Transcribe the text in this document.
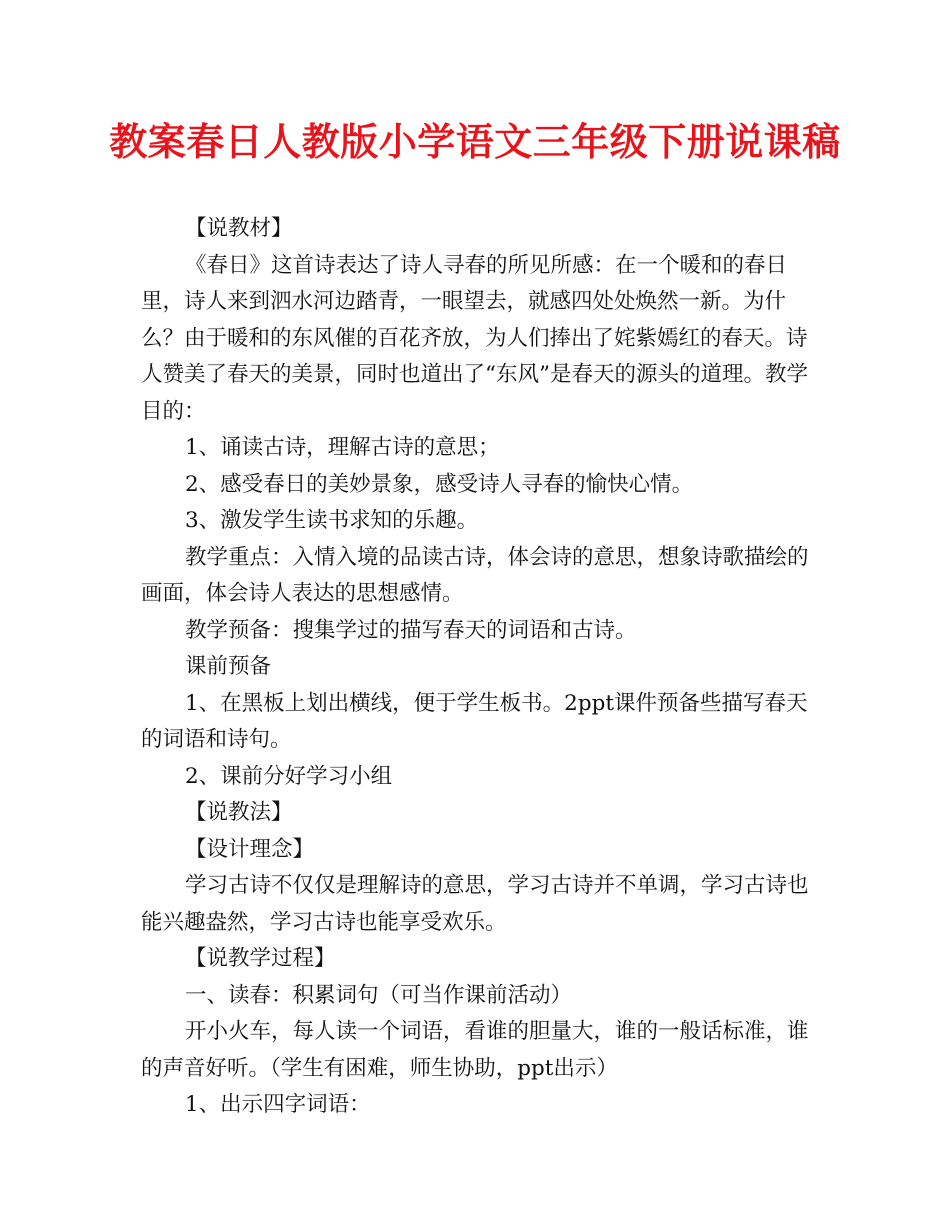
教案春日人教版小学语文三年级下册说课稿

【说教材】

《春日》这首诗表达了诗人寻春的所见所感：在一个暖和的春日里，诗人来到泗水河边踏青，一眼望去，就感四处处焕然一新。为什么？由于暖和的东风催的百花齐放，为人们捧出了姹紫嫣红的春天。诗人赞美了春天的美景，同时也道出了“东风”是春天的源头的道理。教学目的：

1、诵读古诗，理解古诗的意思；

2、感受春日的美妙景象，感受诗人寻春的愉快心情。

3、激发学生读书求知的乐趣。

教学重点：入情入境的品读古诗，体会诗的意思，想象诗歌描绘的画面，体会诗人表达的思想感情。

教学预备：搜集学过的描写春天的词语和古诗。

课前预备

1、在黑板上划出横线，便于学生板书。2ppt课件预备些描写春天的词语和诗句。

2、课前分好学习小组

【说教法】

【设计理念】

学习古诗不仅仅是理解诗的意思，学习古诗并不单调，学习古诗也能兴趣盎然，学习古诗也能享受欢乐。

【说教学过程】

一、读春：积累词句（可当作课前活动）

开小火车，每人读一个词语，看谁的胆量大，谁的一般话标准，谁的声音好听。（学生有困难，师生协助，ppt出示）

1、出示四字词语：
